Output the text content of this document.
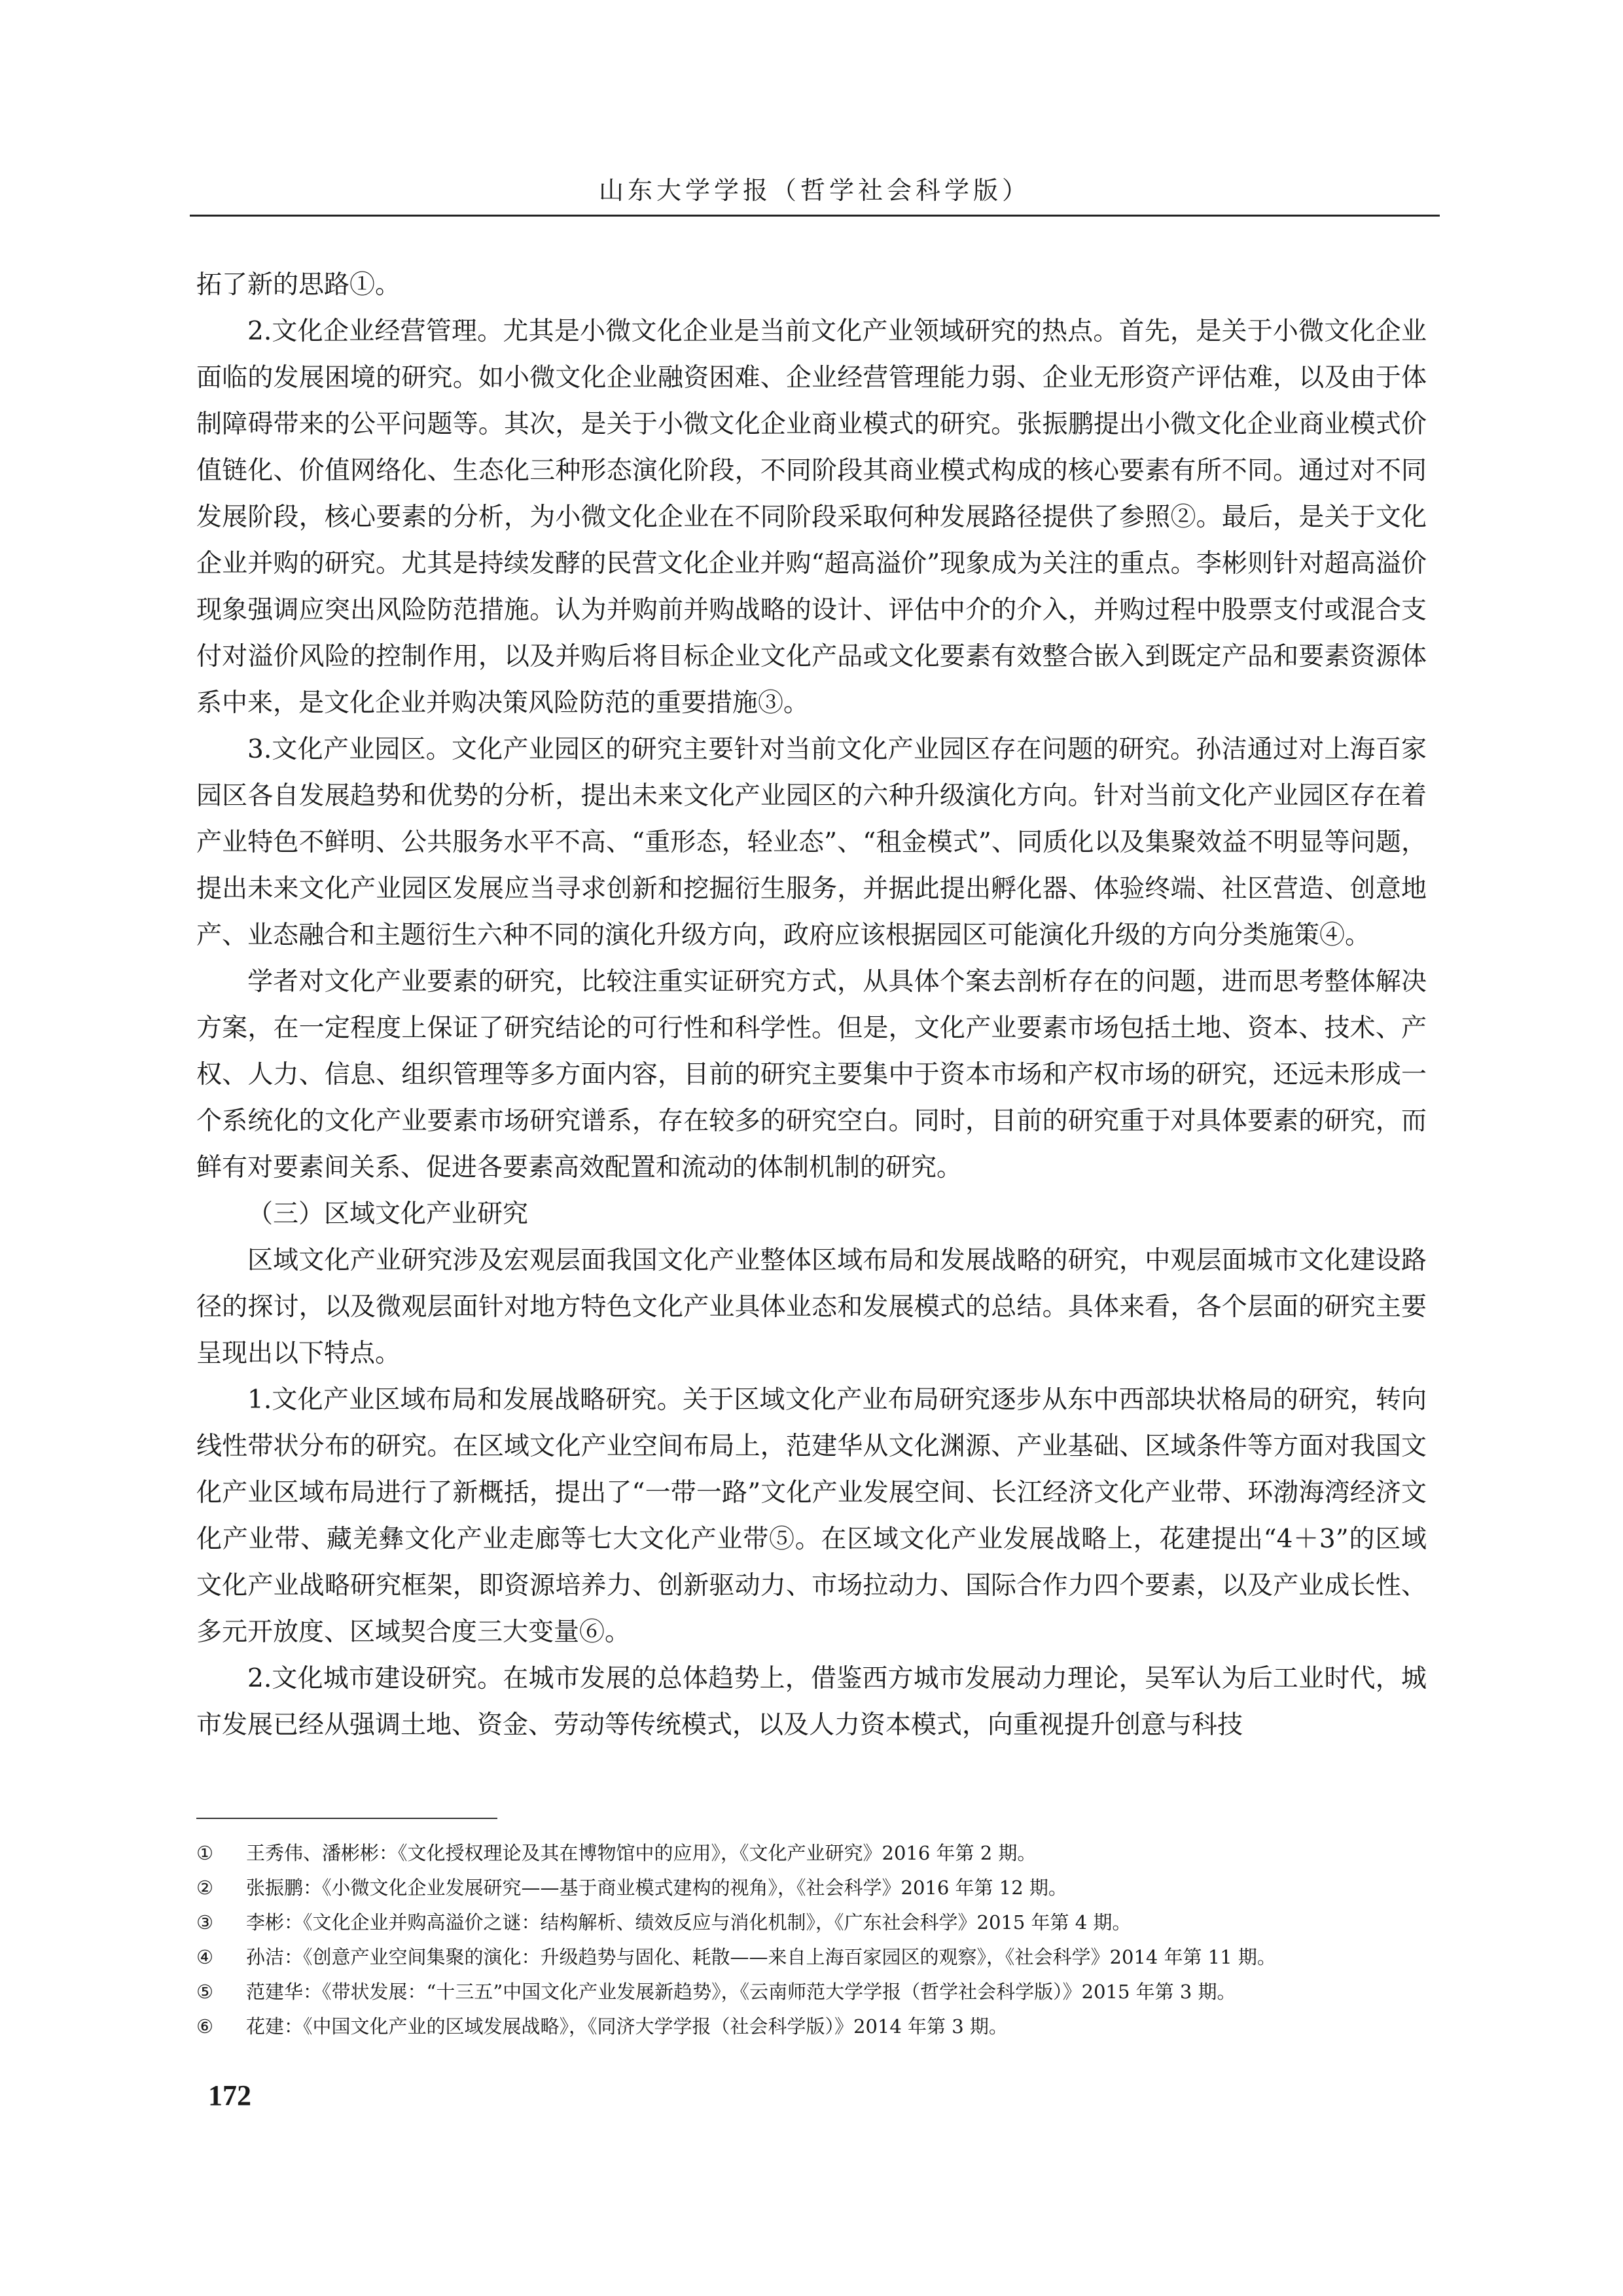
山东大学学报（哲学社会科学版）

拓了新的思路①。

2.文化企业经营管理。尤其是小微文化企业是当前文化产业领域研究的热点。首先，是关于小微文化企业面临的发展困境的研究。如小微文化企业融资困难、企业经营管理能力弱、企业无形资产评估难，以及由于体制障碍带来的公平问题等。其次，是关于小微文化企业商业模式的研究。张振鹏提出小微文化企业商业模式价值链化、价值网络化、生态化三种形态演化阶段，不同阶段其商业模式构成的核心要素有所不同。通过对不同发展阶段，核心要素的分析，为小微文化企业在不同阶段采取何种发展路径提供了参照②。最后，是关于文化企业并购的研究。尤其是持续发酵的民营文化企业并购“超高溢价”现象成为关注的重点。李彬则针对超高溢价现象强调应突出风险防范措施。认为并购前并购战略的设计、评估中介的介入，并购过程中股票支付或混合支付对溢价风险的控制作用，以及并购后将目标企业文化产品或文化要素有效整合嵌入到既定产品和要素资源体系中来，是文化企业并购决策风险防范的重要措施③。

3.文化产业园区。文化产业园区的研究主要针对当前文化产业园区存在问题的研究。孙洁通过对上海百家园区各自发展趋势和优势的分析，提出未来文化产业园区的六种升级演化方向。针对当前文化产业园区存在着产业特色不鲜明、公共服务水平不高、“重形态，轻业态”、“租金模式”、同质化以及集聚效益不明显等问题，提出未来文化产业园区发展应当寻求创新和挖掘衍生服务，并据此提出孵化器、体验终端、社区营造、创意地产、业态融合和主题衍生六种不同的演化升级方向，政府应该根据园区可能演化升级的方向分类施策④。

学者对文化产业要素的研究，比较注重实证研究方式，从具体个案去剖析存在的问题，进而思考整体解决方案，在一定程度上保证了研究结论的可行性和科学性。但是，文化产业要素市场包括土地、资本、技术、产权、人力、信息、组织管理等多方面内容，目前的研究主要集中于资本市场和产权市场的研究，还远未形成一个系统化的文化产业要素市场研究谱系，存在较多的研究空白。同时，目前的研究重于对具体要素的研究，而鲜有对要素间关系、促进各要素高效配置和流动的体制机制的研究。

（三）区域文化产业研究

区域文化产业研究涉及宏观层面我国文化产业整体区域布局和发展战略的研究，中观层面城市文化建设路径的探讨，以及微观层面针对地方特色文化产业具体业态和发展模式的总结。具体来看，各个层面的研究主要呈现出以下特点。

1.文化产业区域布局和发展战略研究。关于区域文化产业布局研究逐步从东中西部块状格局的研究，转向线性带状分布的研究。在区域文化产业空间布局上，范建华从文化渊源、产业基础、区域条件等方面对我国文化产业区域布局进行了新概括，提出了“一带一路”文化产业发展空间、长江经济文化产业带、环渤海湾经济文化产业带、藏羌彝文化产业走廊等七大文化产业带⑤。在区域文化产业发展战略上，花建提出“4＋3”的区域文化产业战略研究框架，即资源培养力、创新驱动力、市场拉动力、国际合作力四个要素，以及产业成长性、多元开放度、区域契合度三大变量⑥。

2.文化城市建设研究。在城市发展的总体趋势上，借鉴西方城市发展动力理论，吴军认为后工业时代，城市发展已经从强调土地、资金、劳动等传统模式，以及人力资本模式，向重视提升创意与科技

① 王秀伟、潘彬彬：《文化授权理论及其在博物馆中的应用》，《文化产业研究》2016 年第 2 期。
② 张振鹏：《小微文化企业发展研究——基于商业模式建构的视角》，《社会科学》2016 年第 12 期。
③ 李彬：《文化企业并购高溢价之谜：结构解析、绩效反应与消化机制》，《广东社会科学》2015 年第 4 期。
④ 孙洁：《创意产业空间集聚的演化：升级趋势与固化、耗散——来自上海百家园区的观察》，《社会科学》2014 年第 11 期。
⑤ 范建华：《带状发展：“十三五”中国文化产业发展新趋势》，《云南师范大学学报（哲学社会科学版）》2015 年第 3 期。
⑥ 花建：《中国文化产业的区域发展战略》，《同济大学学报（社会科学版）》2014 年第 3 期。
172
